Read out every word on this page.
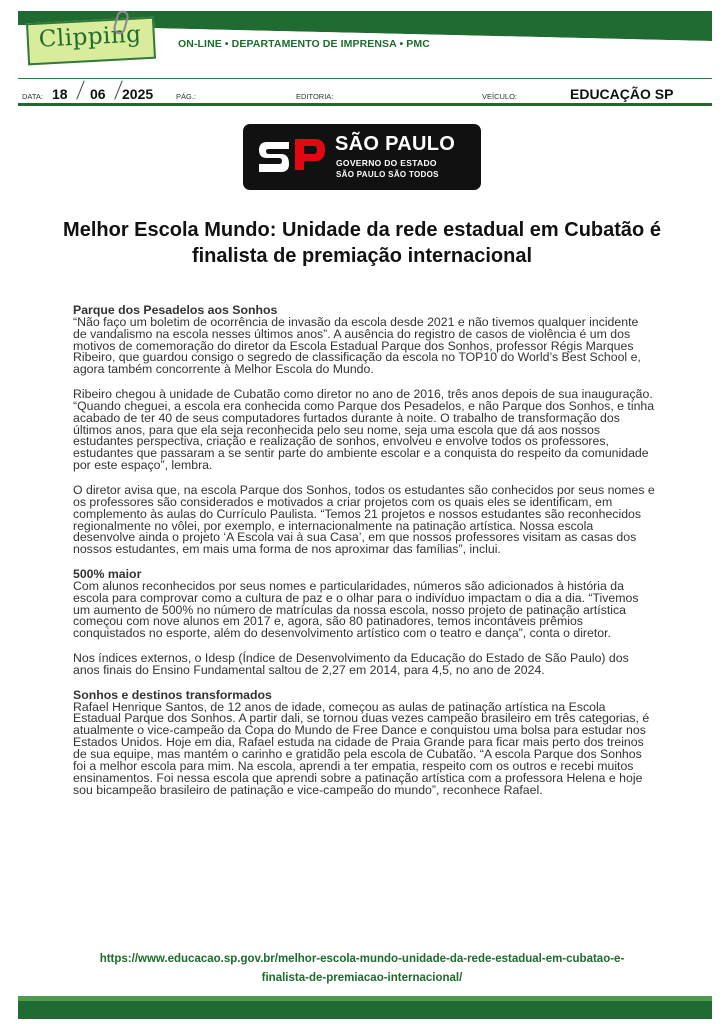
Clipping	ON-LINE • DEPARTAMENTO DE IMPRENSA • PMC
DATA: 18 06 2025	PÁG.:	EDITORIA:	VEÍCULO:	EDUCAÇÃO SP
SÃO PAULO
GOVERNO DO ESTADO
SÃO PAULO SÃO TODOS
Melhor Escola Mundo: Unidade da rede estadual em Cubatão é finalista de premiação internacional
Parque dos Pesadelos aos Sonhos

“Não faço um boletim de ocorrência de invasão da escola desde 2021 e não tivemos qualquer incidente de vandalismo na escola nesses últimos anos”. A ausência do registro de casos de violência é um dos motivos de comemoração do diretor da Escola Estadual Parque dos Sonhos, professor Régis Marques Ribeiro, que guardou consigo o segredo de classificação da escola no TOP10 do World’s Best School e, agora também concorrente à Melhor Escola do Mundo.

Ribeiro chegou à unidade de Cubatão como diretor no ano de 2016, três anos depois de sua inauguração. “Quando cheguei, a escola era conhecida como Parque dos Pesadelos, e não Parque dos Sonhos, e tinha acabado de ter 40 de seus computadores furtados durante à noite. O trabalho de transformação dos últimos anos, para que ela seja reconhecida pelo seu nome, seja uma escola que dá aos nossos estudantes perspectiva, criação e realização de sonhos, envolveu e envolve todos os professores, estudantes que passaram a se sentir parte do ambiente escolar e a conquista do respeito da comunidade por este espaço”, lembra.

O diretor avisa que, na escola Parque dos Sonhos, todos os estudantes são conhecidos por seus nomes e os professores são considerados e motivados a criar projetos com os quais eles se identificam, em complemento às aulas do Currículo Paulista. “Temos 21 projetos e nossos estudantes são reconhecidos regionalmente no vôlei, por exemplo, e internacionalmente na patinação artística. Nossa escola desenvolve ainda o projeto ‘A Escola vai à sua Casa’, em que nossos professores visitam as casas dos nossos estudantes, em mais uma forma de nos aproximar das famílias”, inclui.

500% maior

Com alunos reconhecidos por seus nomes e particularidades, números são adicionados à história da escola para comprovar como a cultura de paz e o olhar para o indivíduo impactam o dia a dia. “Tivemos um aumento de 500% no número de matrículas da nossa escola, nosso projeto de patinação artística começou com nove alunos em 2017 e, agora, são 80 patinadores, temos incontáveis prêmios conquistados no esporte, além do desenvolvimento artístico com o teatro e dança”, conta o diretor.

Nos índices externos, o Idesp (Índice de Desenvolvimento da Educação do Estado de São Paulo) dos anos finais do Ensino Fundamental saltou de 2,27 em 2014, para 4,5, no ano de 2024.

Sonhos e destinos transformados

Rafael Henrique Santos, de 12 anos de idade, começou as aulas de patinação artística na Escola Estadual Parque dos Sonhos. A partir dali, se tornou duas vezes campeão brasileiro em três categorias, é atualmente o vice-campeão da Copa do Mundo de Free Dance e conquistou uma bolsa para estudar nos Estados Unidos. Hoje em dia, Rafael estuda na cidade de Praia Grande para ficar mais perto dos treinos de sua equipe, mas mantém o carinho e gratidão pela escola de Cubatão. “A escola Parque dos Sonhos foi a melhor escola para mim. Na escola, aprendi a ter empatia, respeito com os outros e recebi muitos ensinamentos. Foi nessa escola que aprendi sobre a patinação artística com a professora Helena e hoje sou bicampeão brasileiro de patinação e vice-campeão do mundo”, reconhece Rafael.

https://www.educacao.sp.gov.br/melhor-escola-mundo-unidade-da-rede-estadual-em-cubatao-e-
finalista-de-premiacao-internacional/
